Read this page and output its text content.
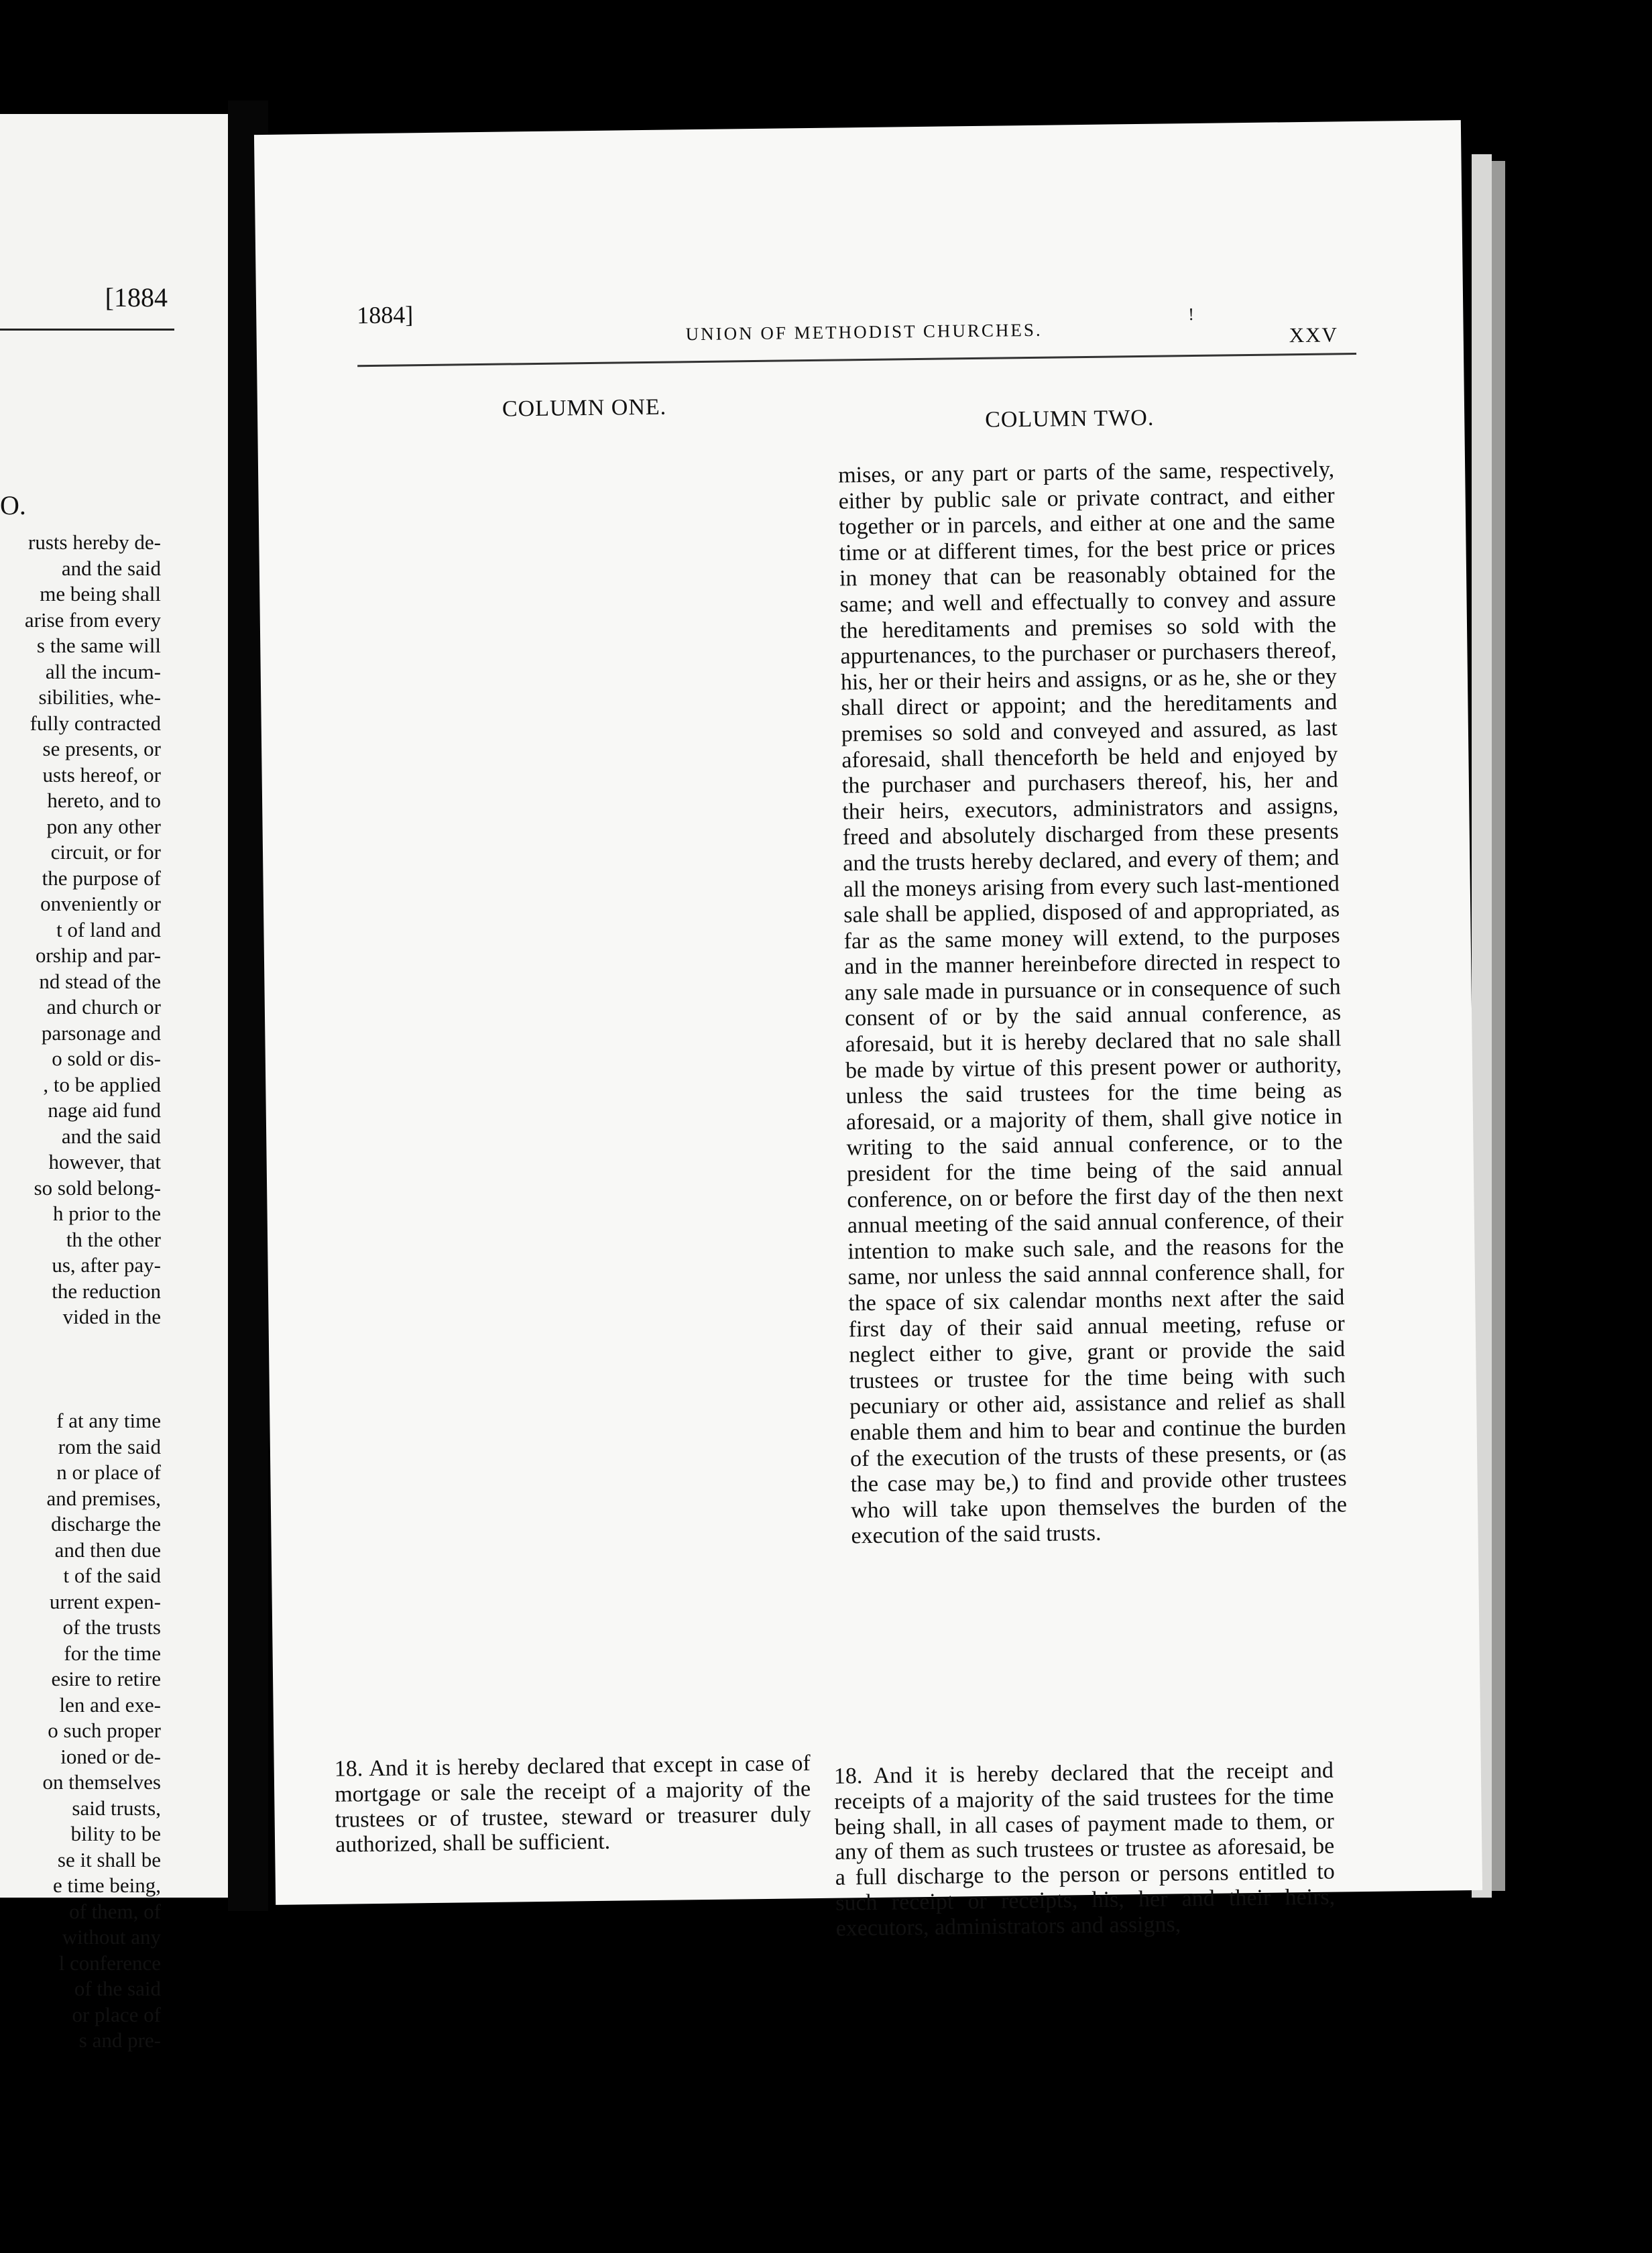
[1884
O.
rusts hereby de-
and the said
me being shall
arise from every
s the same will
all the incum-
sibilities, whe-
fully contracted
se presents, or
usts hereof, or
hereto, and to
pon any other
circuit, or for
the purpose of
onveniently or
t of land and
orship and par-
nd stead of the
and church or
parsonage and
o sold or dis-
, to be applied
nage aid fund
and the said
however, that
so sold belong-
h prior to the
th the other
us, after pay-
the reduction
vided in the
f at any time
rom the said
n or place of
and premises,
discharge the
and then due
t of the said
urrent expen-
of the trusts
for the time
esire to retire
len and exe-
o such proper
ioned or de-
on themselves
said trusts,
bility to be
se it shall be
e time being,
of them, of
without any
l conference
of the said
or place of
s and pre-
1884]
UNION OF METHODIST CHURCHES.
!
XXV
COLUMN ONE.	COLUMN TWO.
mises, or any part or parts of the same, respectively, either by public sale or private contract, and either together or in parcels, and either at one and the same time or at different times, for the best price or prices in money that can be reasonably obtained for the same; and well and effectually to convey and assure the hereditaments and premises so sold with the appurtenances, to the purchaser or purchasers thereof, his, her or their heirs and assigns, or as he, she or they shall direct or appoint; and the hereditaments and premises so sold and conveyed and assured, as last aforesaid, shall thenceforth be held and enjoyed by the purchaser and purchasers thereof, his, her and their heirs, executors, administrators and assigns, freed and absolutely discharged from these presents and the trusts hereby declared, and every of them; and all the moneys arising from every such last-mentioned sale shall be applied, disposed of and appropriated, as far as the same money will extend, to the purposes and in the manner hereinbefore directed in respect to any sale made in pursuance or in consequence of such consent of or by the said annual conference, as aforesaid, but it is hereby declared that no sale shall be made by virtue of this present power or authority, unless the said trustees for the time being as aforesaid, or a majority of them, shall give notice in writing to the said annual conference, or to the president for the time being of the said annual conference, on or before the first day of the then next annual meeting of the said annual conference, of their intention to make such sale, and the reasons for the same, nor unless the said annnal conference shall, for the space of six calendar months next after the said first day of their said annual meeting, refuse or neglect either to give, grant or provide the said trustees or trustee for the time being with such pecuniary or other aid, assistance and relief as shall enable them and him to bear and continue the burden of the execution of the trusts of these presents, or (as the case may be,) to find and provide other trustees who will take upon themselves the burden of the execution of the said trusts.
18. And it is hereby declared that except in case of mortgage or sale the receipt of a majority of the trustees or of trustee, steward or treasurer duly authorized, shall be sufficient.
18. And it is hereby declared that the receipt and receipts of a majority of the said trustees for the time being shall, in all cases of payment made to them, or any of them as such trustees or trustee as aforesaid, be a full discharge to the person or persons entitled to such receipt or receipts, his, her and their heirs, executors, administrators and assigns,
